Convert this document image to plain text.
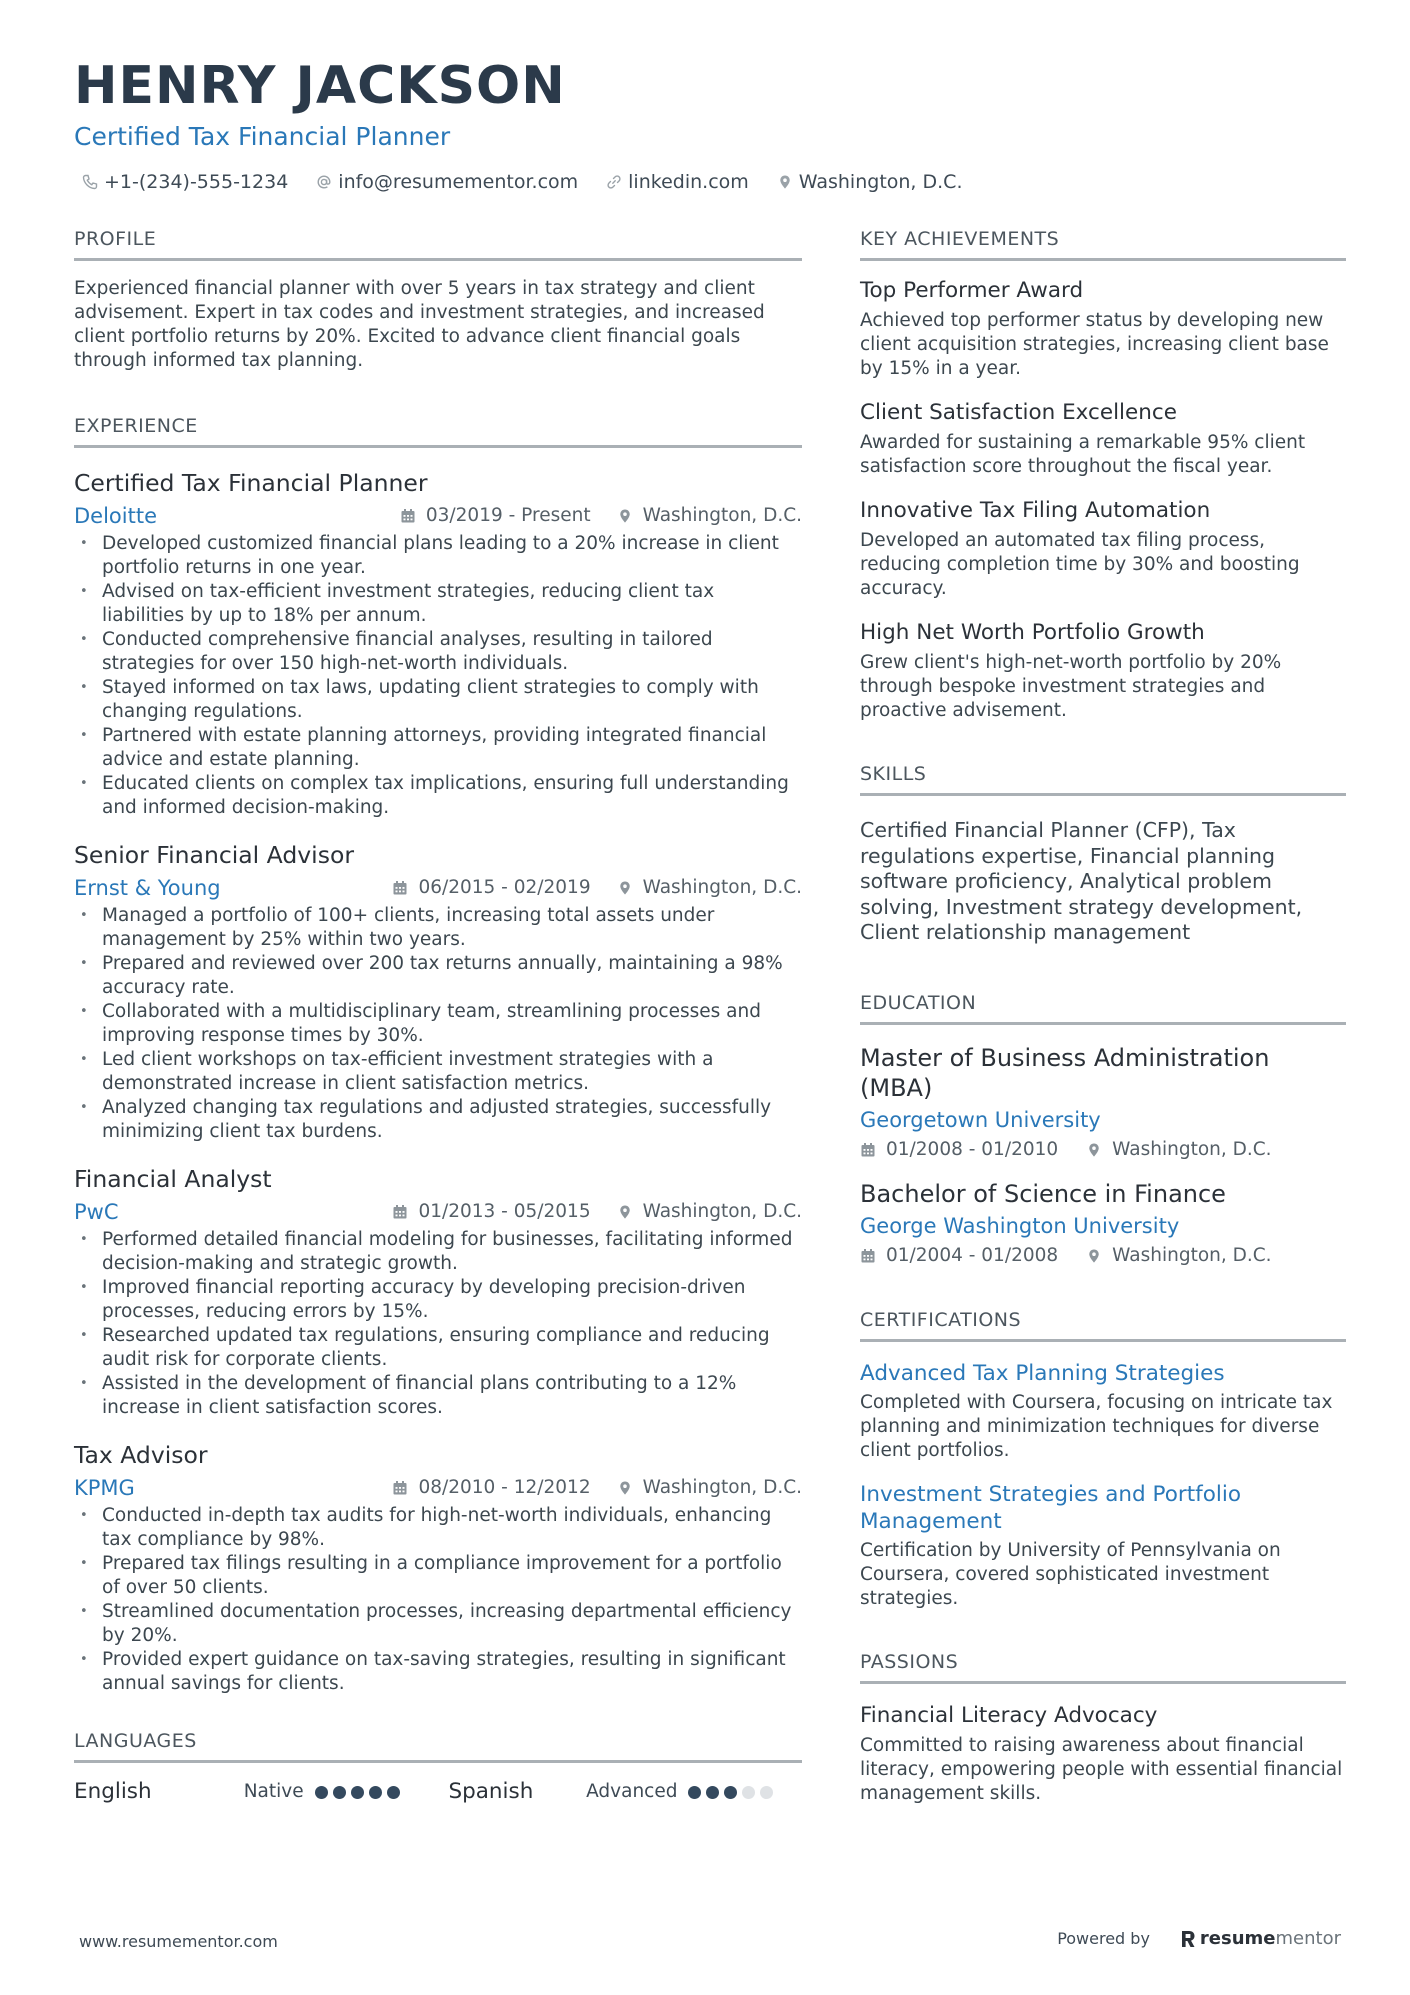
HENRY JACKSON
Certified Tax Financial Planner
+1-(234)-555-1234	info@resumementor.com	linkedin.com	Washington, D.C.
PROFILE
Experienced financial planner with over 5 years in tax strategy and client advisement. Expert in tax codes and investment strategies, and increased client portfolio returns by 20%. Excited to advance client financial goals through informed tax planning.
EXPERIENCE
Certified Tax Financial Planner
Deloitte	03/2019 - Present	Washington, D.C.
• Developed customized financial plans leading to a 20% increase in client portfolio returns in one year.
• Advised on tax-efficient investment strategies, reducing client tax liabilities by up to 18% per annum.
• Conducted comprehensive financial analyses, resulting in tailored strategies for over 150 high-net-worth individuals.
• Stayed informed on tax laws, updating client strategies to comply with changing regulations.
• Partnered with estate planning attorneys, providing integrated financial advice and estate planning.
• Educated clients on complex tax implications, ensuring full understanding and informed decision-making.
Senior Financial Advisor
Ernst & Young	06/2015 - 02/2019	Washington, D.C.
• Managed a portfolio of 100+ clients, increasing total assets under management by 25% within two years.
• Prepared and reviewed over 200 tax returns annually, maintaining a 98% accuracy rate.
• Collaborated with a multidisciplinary team, streamlining processes and improving response times by 30%.
• Led client workshops on tax-efficient investment strategies with a demonstrated increase in client satisfaction metrics.
• Analyzed changing tax regulations and adjusted strategies, successfully minimizing client tax burdens.
Financial Analyst
PwC	01/2013 - 05/2015	Washington, D.C.
• Performed detailed financial modeling for businesses, facilitating informed decision-making and strategic growth.
• Improved financial reporting accuracy by developing precision-driven processes, reducing errors by 15%.
• Researched updated tax regulations, ensuring compliance and reducing audit risk for corporate clients.
• Assisted in the development of financial plans contributing to a 12% increase in client satisfaction scores.
Tax Advisor
KPMG	08/2010 - 12/2012	Washington, D.C.
• Conducted in-depth tax audits for high-net-worth individuals, enhancing tax compliance by 98%.
• Prepared tax filings resulting in a compliance improvement for a portfolio of over 50 clients.
• Streamlined documentation processes, increasing departmental efficiency by 20%.
• Provided expert guidance on tax-saving strategies, resulting in significant annual savings for clients.
LANGUAGES
English	Native	Spanish	Advanced
KEY ACHIEVEMENTS
Top Performer Award
Achieved top performer status by developing new client acquisition strategies, increasing client base by 15% in a year.
Client Satisfaction Excellence
Awarded for sustaining a remarkable 95% client satisfaction score throughout the fiscal year.
Innovative Tax Filing Automation
Developed an automated tax filing process, reducing completion time by 30% and boosting accuracy.
High Net Worth Portfolio Growth
Grew client's high-net-worth portfolio by 20% through bespoke investment strategies and proactive advisement.
SKILLS
Certified Financial Planner (CFP), Tax regulations expertise, Financial planning software proficiency, Analytical problem solving, Investment strategy development, Client relationship management
EDUCATION
Master of Business Administration (MBA)
Georgetown University
01/2008 - 01/2010	Washington, D.C.
Bachelor of Science in Finance
George Washington University
01/2004 - 01/2008	Washington, D.C.
CERTIFICATIONS
Advanced Tax Planning Strategies
Completed with Coursera, focusing on intricate tax planning and minimization techniques for diverse client portfolios.
Investment Strategies and Portfolio Management
Certification by University of Pennsylvania on Coursera, covered sophisticated investment strategies.
PASSIONS
Financial Literacy Advocacy
Committed to raising awareness about financial literacy, empowering people with essential financial management skills.
www.resumementor.com	Powered by	resume mentor
